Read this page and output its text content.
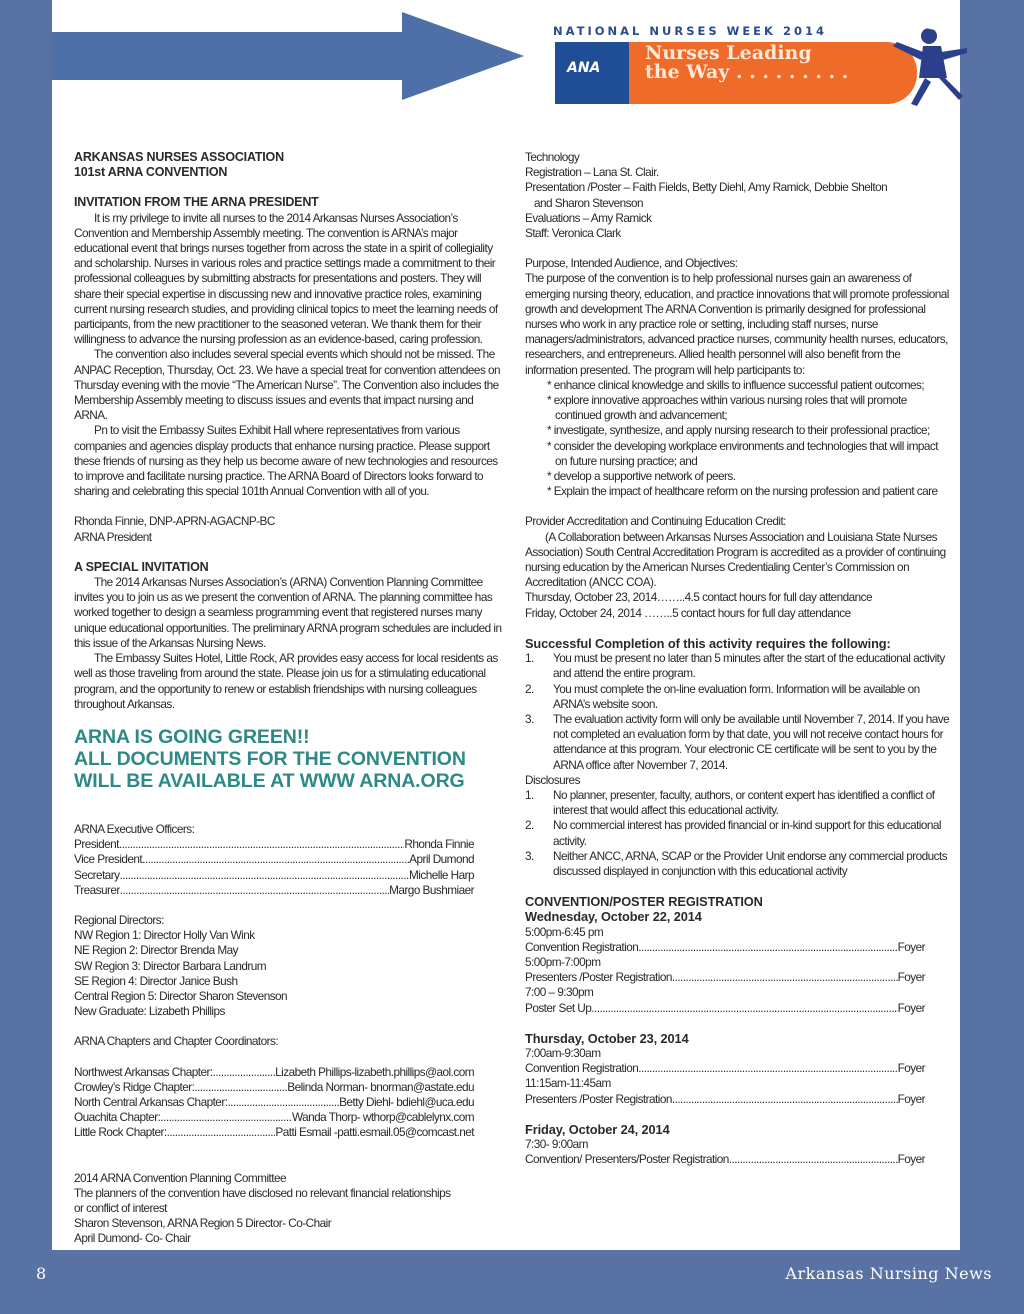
NATIONAL NURSES WEEK 2014
ANA
Nurses Leading
the Way . . . . . . . . .

ARKANSAS NURSES ASSOCIATION

101st ARNA CONVENTION

INVITATION FROM THE ARNA PRESIDENT

It is my privilege to invite all nurses to the 2014 Arkansas Nurses Association’s Convention and Membership Assembly meeting. The convention is ARNA’s major educational event that brings nurses together from across the state in a spirit of collegiality and scholarship. Nurses in various roles and practice settings made a commitment to their professional colleagues by submitting abstracts for presentations and posters. They will share their special expertise in discussing new and innovative practice roles, examining current nursing research studies, and providing clinical topics to meet the learning needs of participants, from the new practitioner to the seasoned veteran. We thank them for their willingness to advance the nursing profession as an evidence-based, caring profession.

The convention also includes several special events which should not be missed. The ANPAC Reception, Thursday, Oct. 23. We have a special treat for convention attendees on Thursday evening with the movie “The American Nurse”. The Convention also includes the Membership Assembly meeting to discuss issues and events that impact nursing and ARNA.

Pn to visit the Embassy Suites Exhibit Hall where representatives from various companies and agencies display products that enhance nursing practice. Please support these friends of nursing as they help us become aware of new technologies and resources to improve and facilitate nursing practice. The ARNA Board of Directors looks forward to sharing and celebrating this special 101th Annual Convention with all of you.

Rhonda Finnie, DNP-APRN-AGACNP-BC

ARNA President

A SPECIAL INVITATION

The 2014 Arkansas Nurses Association’s (ARNA) Convention Planning Committee invites you to join us as we present the convention of ARNA. The planning committee has worked together to design a seamless programming event that registered nurses many unique educational opportunities. The preliminary ARNA program schedules are included in this issue of the Arkansas Nursing News.

The Embassy Suites Hotel, Little Rock, AR provides easy access for local residents as well as those traveling from around the state. Please join us for a stimulating educational program, and the opportunity to renew or establish friendships with nursing colleagues throughout Arkansas.

ARNA IS GOING GREEN!!

ALL DOCUMENTS FOR THE CONVENTION

WILL BE AVAILABLE AT WWW ARNA.ORG

ARNA Executive Officers:

President .....	Rhonda Finnie
Vice President .....	April Dumond
Secretary .....	Michelle Harp
Treasurer .....	Margo Bushmiaer

Regional Directors:

NW Region 1: Director Holly Van Wink

NE Region 2: Director Brenda May

SW Region 3: Director Barbara Landrum

SE Region 4: Director Janice Bush

Central Region 5: Director Sharon Stevenson

New Graduate: Lizabeth Phillips

ARNA Chapters and Chapter Coordinators:

Northwest Arkansas Chapter: .....	Lizabeth Phillips-lizabeth.phillips@aol.com
Crowley’s Ridge Chapter: .....	Belinda Norman- bnorman@astate.edu
North Central Arkansas Chapter: .....	Betty Diehl- bdiehl@uca.edu
Ouachita Chapter: .....	Wanda Thorp- wthorp@cablelynx.com
Little Rock Chapter: .....	Patti Esmail -patti.esmail.05@comcast.net

2014 ARNA Convention Planning Committee

The planners of the convention have disclosed no relevant financial relationships

or conflict of interest

Sharon Stevenson, ARNA Region 5 Director- Co-Chair

April Dumond- Co- Chair

Technology

Registration – Lana St. Clair.

Presentation /Poster – Faith Fields, Betty Diehl, Amy Ramick, Debbie Shelton

and Sharon Stevenson

Evaluations – Amy Ramick

Staff: Veronica Clark

Purpose, Intended Audience, and Objectives:

The purpose of the convention is to help professional nurses gain an awareness of emerging nursing theory, education, and practice innovations that will promote professional growth and development The ARNA Convention is primarily designed for professional nurses who work in any practice role or setting, including staff nurses, nurse managers/administrators, advanced practice nurses, community health nurses, educators, researchers, and entrepreneurs. Allied health personnel will also benefit from the information presented. The program will help participants to:

* enhance clinical knowledge and skills to influence successful patient outcomes;

* explore innovative approaches within various nursing roles that will promote continued growth and advancement;

* investigate, synthesize, and apply nursing research to their professional practice;

* consider the developing workplace environments and technologies that will impact on future nursing practice; and

* develop a supportive network of peers.

* Explain the impact of healthcare reform on the nursing profession and patient care

Provider Accreditation and Continuing Education Credit:

(A Collaboration between Arkansas Nurses Association and Louisiana State Nurses Association) South Central Accreditation Program is accredited as a provider of continuing nursing education by the American Nurses Credentialing Center’s Commission on Accreditation (ANCC COA).

Thursday, October 23, 2014……..4.5 contact hours for full day attendance

Friday, October 24, 2014 ……..5 contact hours for full day attendance

Successful Completion of this activity requires the following:

1.	You must be present no later than 5 minutes after the start of the educational activity and attend the entire program.
2.	You must complete the on-line evaluation form. Information will be available on ARNA’s website soon.
3.	The evaluation activity form will only be available until November 7, 2014. If you have not completed an evaluation form by that date, you will not receive contact hours for attendance at this program. Your electronic CE certificate will be sent to you by the ARNA office after November 7, 2014.

Disclosures

1.	No planner, presenter, faculty, authors, or content expert has identified a conflict of interest that would affect this educational activity.
2.	No commercial interest has provided financial or in-kind support for this educational activity.
3.	Neither ANCC, ARNA, SCAP or the Provider Unit endorse any commercial products discussed displayed in conjunction with this educational activity

CONVENTION/POSTER REGISTRATION

Wednesday, October 22, 2014

5:00pm-6:45 pm

Convention Registration .....	Foyer

5:00pm-7:00pm

Presenters /Poster Registration .....	Foyer

7:00 – 9:30pm

Poster Set Up .....	Foyer

Thursday, October 23, 2014

7:00am-9:30am

Convention Registration .....	Foyer

11:15am-11:45am

Presenters /Poster Registration .....	Foyer

Friday, October 24, 2014

7:30- 9:00am

Convention/ Presenters/Poster Registration .....	Foyer
8	Arkansas Nursing News
